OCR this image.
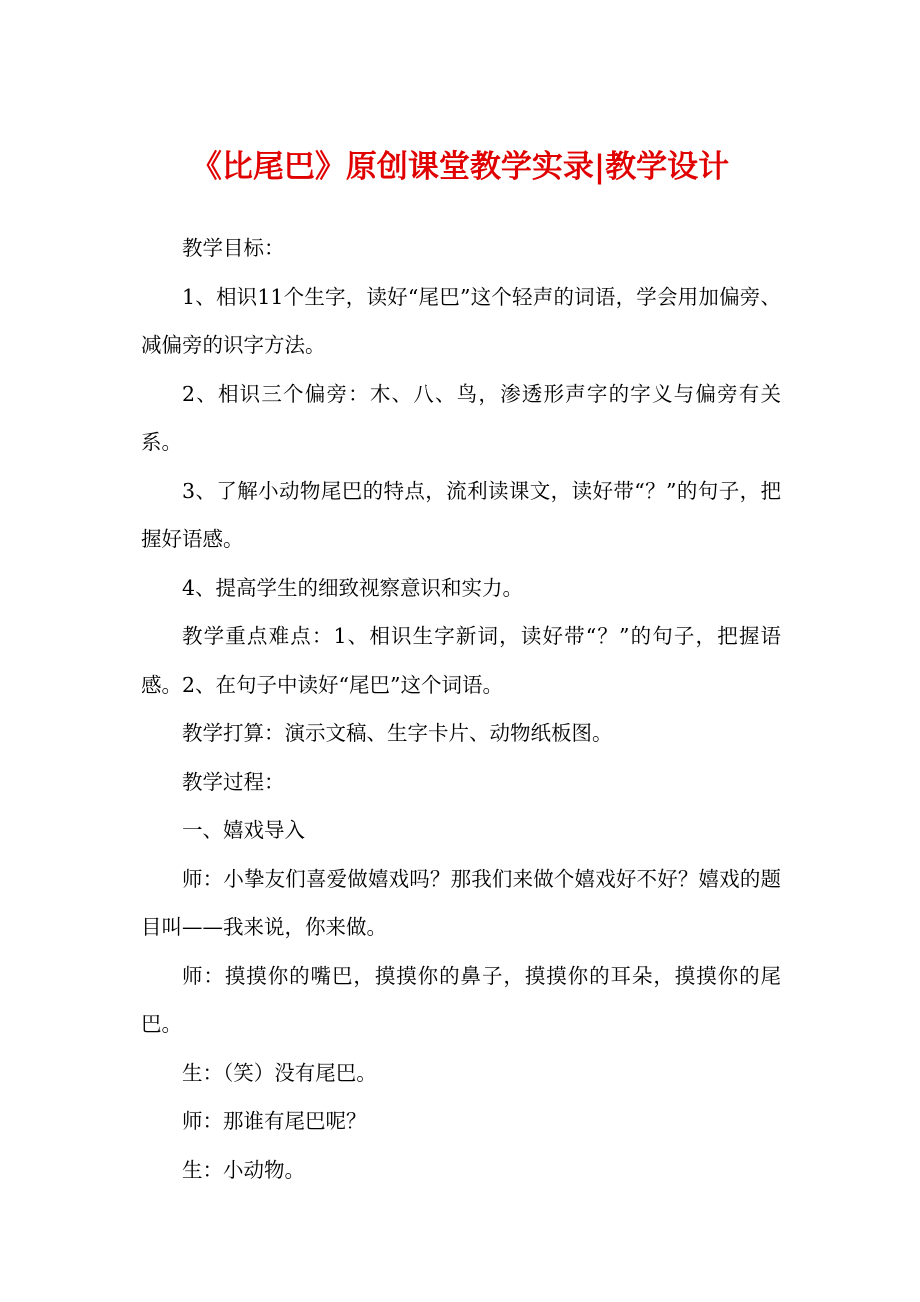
《比尾巴》原创课堂教学实录|教学设计

教学目标：

1、相识11个生字，读好“尾巴”这个轻声的词语，学会用加偏旁、减偏旁的识字方法。

2、相识三个偏旁：木、八、鸟，渗透形声字的字义与偏旁有关系。

3、了解小动物尾巴的特点，流利读课文，读好带“？”的句子，把握好语感。

4、提高学生的细致视察意识和实力。

教学重点难点：1、相识生字新词，读好带“？”的句子，把握语感。2、在句子中读好“尾巴”这个词语。

教学打算：演示文稿、生字卡片、动物纸板图。

教学过程：

一、嬉戏导入

师：小挚友们喜爱做嬉戏吗？那我们来做个嬉戏好不好？嬉戏的题目叫——我来说，你来做。

师：摸摸你的嘴巴，摸摸你的鼻子，摸摸你的耳朵，摸摸你的尾巴。

生：（笑）没有尾巴。

师：那谁有尾巴呢？

生：小动物。
